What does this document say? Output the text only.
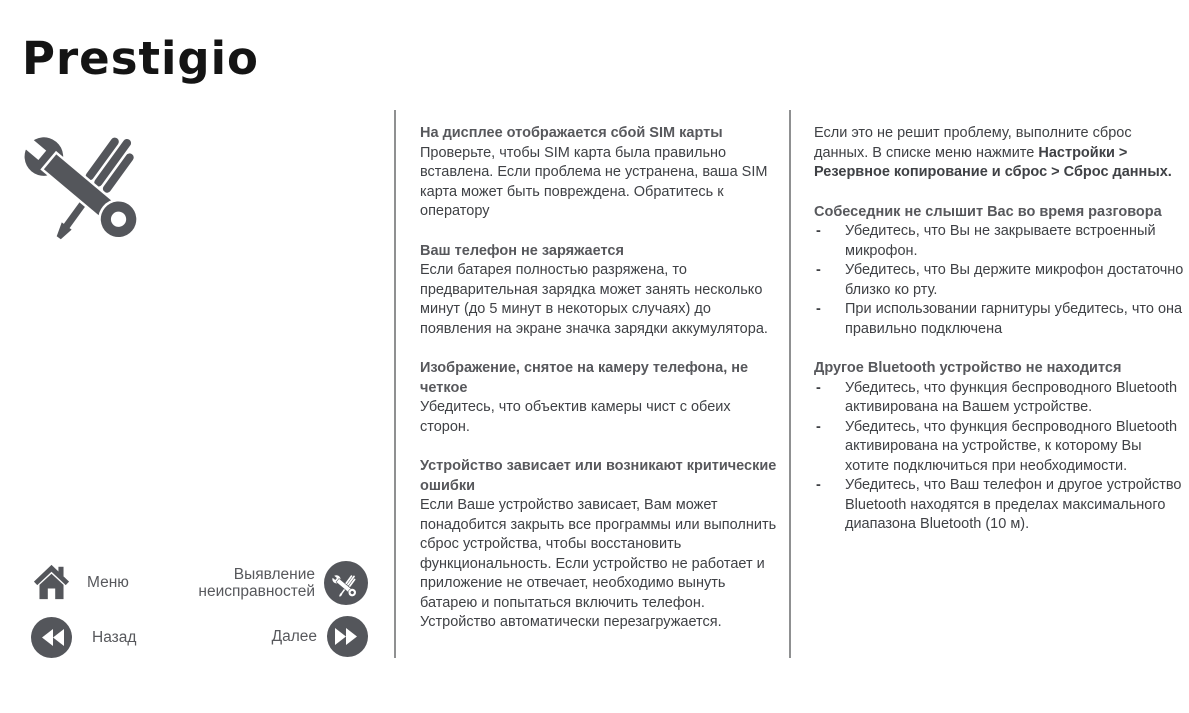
Prestigio
На дисплее отображается сбой SIM карты
Проверьте, чтобы SIM карта была правильно вставлена. Если проблема не устранена, ваша SIM карта может быть повреждена. Обратитесь к оператору
Ваш телефон не заряжается
Если батарея полностью разряжена, то предварительная зарядка может занять несколько минут (до 5 минут в некоторых случаях) до появления на экране значка зарядки аккумулятора.
Изображение, снятое на камеру телефона, не четкое
Убедитесь, что объектив камеры чист с обеих сторон.
Устройство зависает или возникают критические ошибки
Если Ваше устройство зависает, Вам может понадобится закрыть все программы или выполнить сброс устройства, чтобы восстановить функциональность. Если устройство не работает и приложение не отвечает, необходимо вынуть батарею и попытаться включить телефон. Устройство автоматически перезагружается.
Если это не решит проблему, выполните сброс данных. В списке меню нажмите Настройки > Резервное копирование и сброс > Сброс данных.
Собеседник не слышит Вас во время разговора
- Убедитесь, что Вы не закрываете встроенный микрофон.
- Убедитесь, что Вы держите микрофон достаточно близко ко рту.
- При использовании гарнитуры убедитесь, что она правильно подключена
Другое Bluetooth устройство не находится
- Убедитесь, что функция беспроводного Bluetooth активирована на Вашем устройстве.
- Убедитесь, что функция беспроводного Bluetooth активирована на устройстве, к которому Вы хотите подключиться при необходимости.
- Убедитесь, что Ваш телефон и другое устройство Bluetooth находятся в пределах максимального диапазона Bluetooth (10 м).
Меню
Назад
Выявление неисправностей
Далее
